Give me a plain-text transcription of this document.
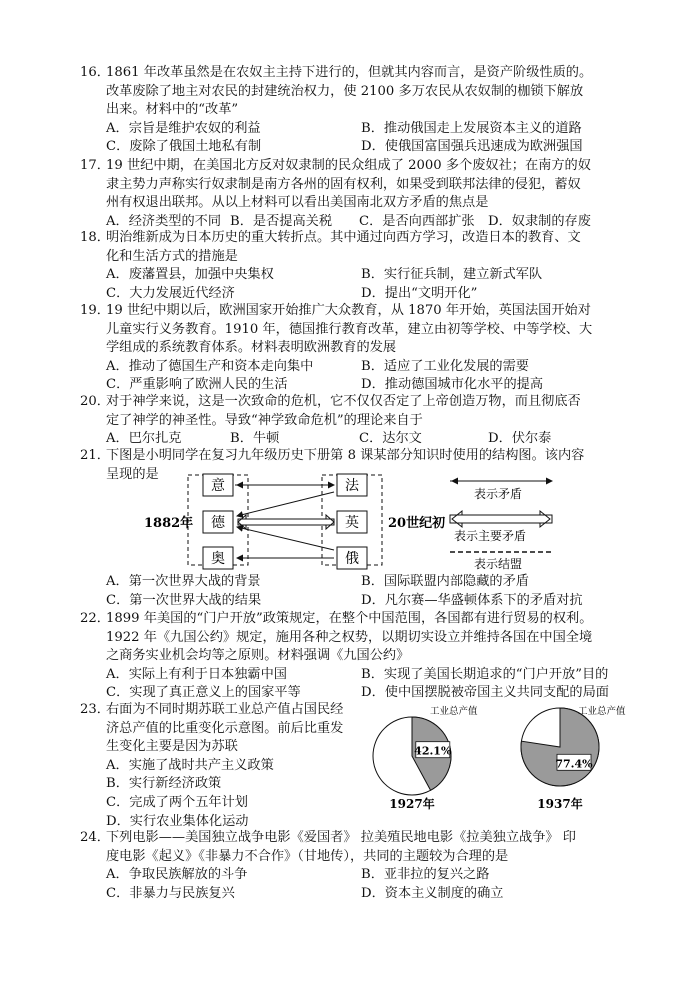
16．1861 年改革虽然是在农奴主主持下进行的，但就其内容而言，是资产阶级性质的。
改革废除了地主对农民的封建统治权力，使 2100 多万农民从农奴制的枷锁下解放
出来。材料中的“改革”
A．宗旨是维护农奴的利益	B．推动俄国走上发展资本主义的道路
C．废除了俄国土地私有制	D．使俄国富国强兵迅速成为欧洲强国
17．19 世纪中期，在美国北方反对奴隶制的民众组成了 2000 多个废奴社；在南方的奴
隶主势力声称实行奴隶制是南方各州的固有权利，如果受到联邦法律的侵犯，蓄奴
州有权退出联邦。从以上材料可以看出美国南北双方矛盾的焦点是
A．经济类型的不同 B．是否提高关税 C．是否向西部扩张 D．奴隶制的存废
18．明治维新成为日本历史的重大转折点。其中通过向西方学习，改造日本的教育、文
化和生活方式的措施是
A．废藩置县，加强中央集权	B．实行征兵制，建立新式军队
C．大力发展近代经济	D．提出“文明开化”
19．19 世纪中期以后，欧洲国家开始推广大众教育，从 1870 年开始，英国法国开始对
儿童实行义务教育。1910 年，德国推行教育改革，建立由初等学校、中等学校、大
学组成的系统教育体系。材料表明欧洲教育的发展
A．推动了德国生产和资本走向集中	B．适应了工业化发展的需要
C．严重影响了欧洲人民的生活	D．推动德国城市化水平的提高
20．对于神学来说，这是一次致命的危机，它不仅仅否定了上帝创造万物，而且彻底否
定了神学的神圣性。导致“神学致命危机”的理论来自于
A．巴尔扎克	B．牛顿	C．达尔文	D．伏尔泰
21．下图是小明同学在复习九年级历史下册第 8 课某部分知识时使用的结构图。该内容
呈现的是
意
德
奥
法
英
俄
1882年	20世纪初
表示矛盾
表示主要矛盾
表示结盟
A．第一次世界大战的背景	B．国际联盟内部隐藏的矛盾
C．第一次世界大战的结果	D．凡尔赛—华盛顿体系下的矛盾对抗
22．1899 年美国的“门户开放”政策规定，在整个中国范围，各国都有进行贸易的权利。
1922 年《九国公约》规定，施用各种之权势，以期切实设立并维持各国在中国全境
之商务实业机会均等之原则。材料强调《九国公约》
A．实际上有利于日本独霸中国	B．实现了美国长期追求的“门户开放”目的
C．实现了真正意义上的国家平等	D．使中国摆脱被帝国主义共同支配的局面
23．右面为不同时期苏联工业总产值占国民经
济总产值的比重变化示意图。前后比重发
生变化主要是因为苏联
A．实施了战时共产主义政策
B．实行新经济政策
C．完成了两个五年计划
D．实行农业集体化运动
42.1%
工业总产值
1927年
77.4%
工业总产值
1937年
24．下列电影——美国独立战争电影《爱国者》 拉美殖民地电影《拉美独立战争》 印
度电影《起义》《非暴力不合作》（甘地传），共同的主题较为合理的是
A．争取民族解放的斗争	B．亚非拉的复兴之路
C．非暴力与民族复兴	D．资本主义制度的确立
